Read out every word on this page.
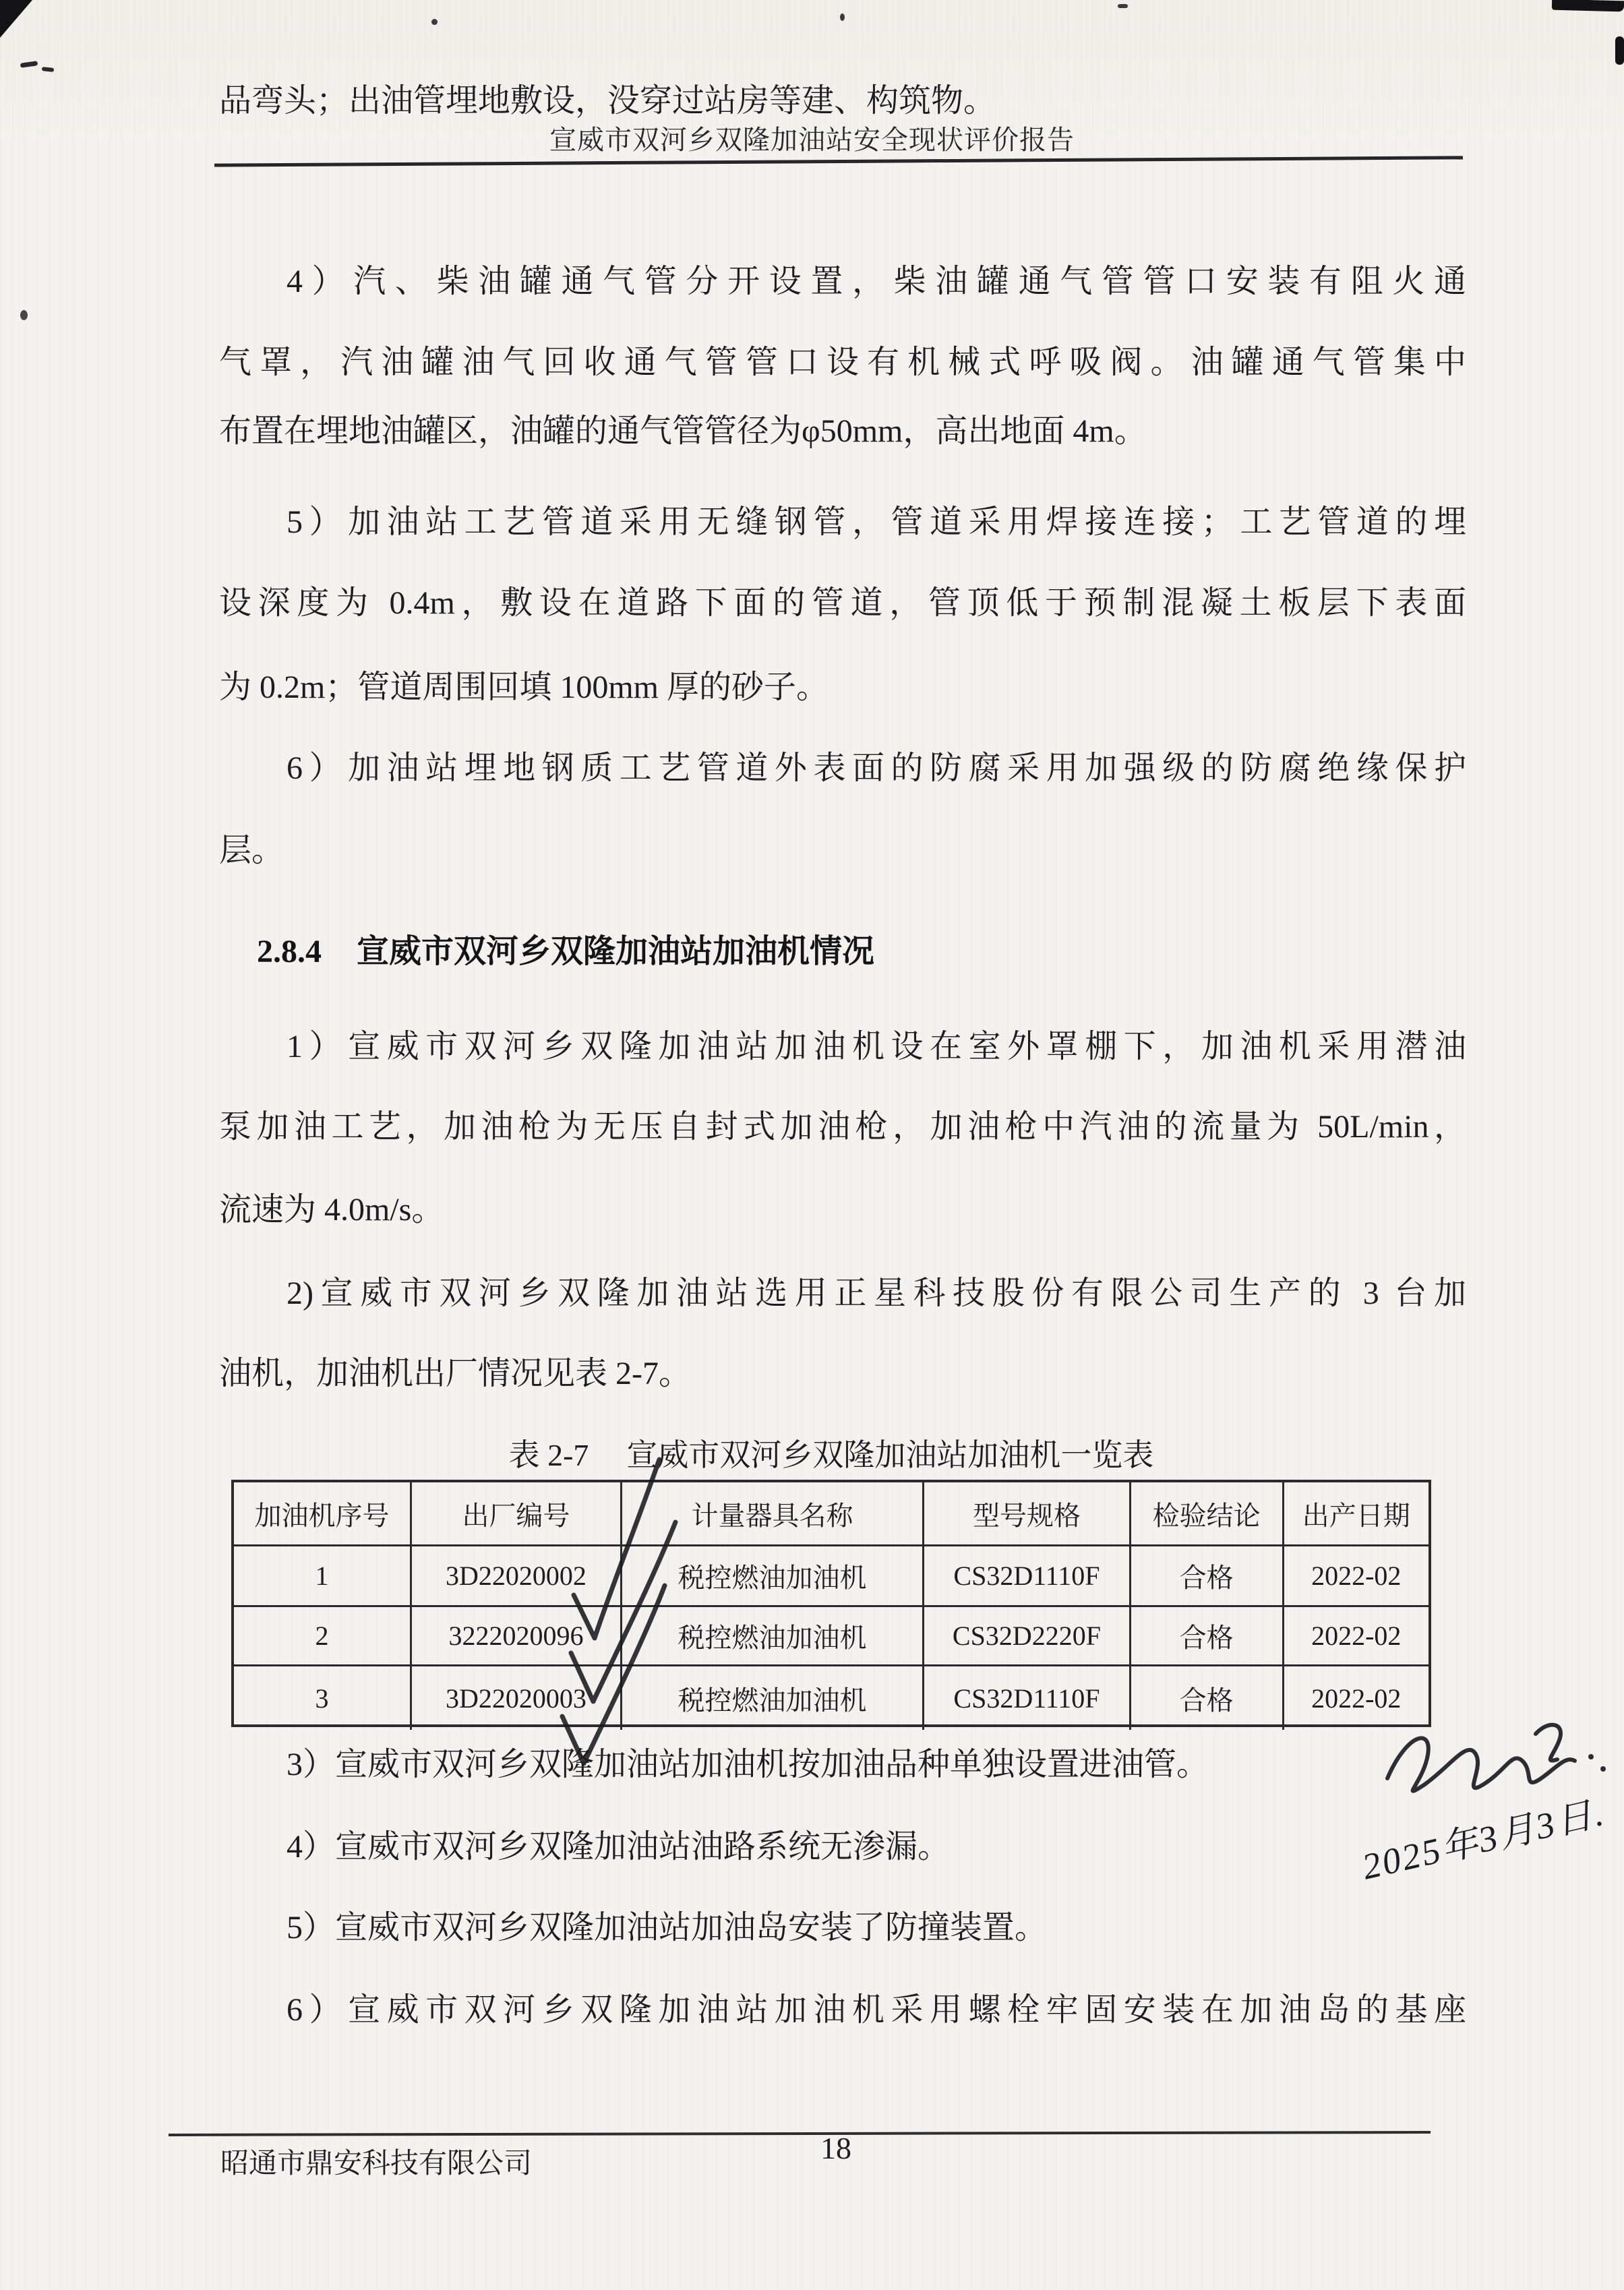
宣威市双河乡双隆加油站安全现状评价报告
品弯头；出油管埋地敷设，没穿过站房等建、构筑物。
4）汽、柴油罐通气管分开设置，柴油罐通气管管口安装有阻火通
气罩，汽油罐油气回收通气管管口设有机械式呼吸阀。油罐通气管集中
布置在埋地油罐区，油罐的通气管管径为φ50mm，高出地面 4m。
5）加油站工艺管道采用无缝钢管，管道采用焊接连接；工艺管道的埋
设深度为 0.4m，敷设在道路下面的管道，管顶低于预制混凝土板层下表面
为 0.2m；管道周围回填 100mm 厚的砂子。
6）加油站埋地钢质工艺管道外表面的防腐采用加强级的防腐绝缘保护
层。
2.8.4 宣威市双河乡双隆加油站加油机情况
1）宣威市双河乡双隆加油站加油机设在室外罩棚下，加油机采用潜油
泵加油工艺，加油枪为无压自封式加油枪，加油枪中汽油的流量为 50L/min，
流速为 4.0m/s。
2)宣威市双河乡双隆加油站选用正星科技股份有限公司生产的 3 台加
油机，加油机出厂情况见表 2-7。
表 2-7 宣威市双河乡双隆加油站加油机一览表
加油机序号	出厂编号	计量器具名称	型号规格	检验结论	出产日期
1	3D22020002	税控燃油加油机	CS32D1110F	合格	2022-02
2	3222020096	税控燃油加油机	CS32D2220F	合格	2022-02
3	3D22020003	税控燃油加油机	CS32D1110F	合格	2022-02
3）宣威市双河乡双隆加油站加油机按加油品种单独设置进油管。
4）宣威市双河乡双隆加油站油路系统无渗漏。
5）宣威市双河乡双隆加油站加油岛安装了防撞装置。
6）宣威市双河乡双隆加油站加油机采用螺栓牢固安装在加油岛的基座
2025年3月3日.
昭通市鼎安科技有限公司	18
